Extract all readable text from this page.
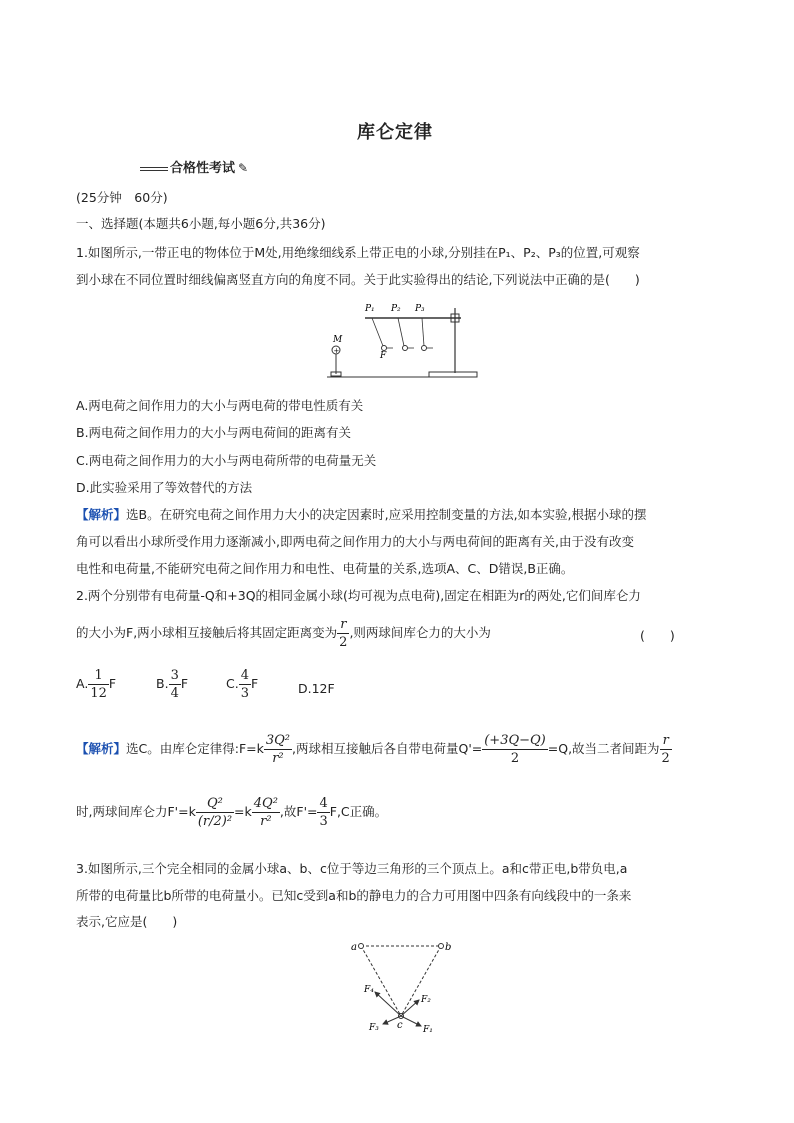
库仑定律
合格性考试 ✎
(25分钟　60分)
一、选择题(本题共6小题,每小题6分,共36分)
1.如图所示,一带正电的物体位于M处,用绝缘细线系上带正电的小球,分别挂在P₁、P₂、P₃的位置,可观察
到小球在不同位置时细线偏离竖直方向的角度不同。关于此实验得出的结论,下列说法中正确的是(　　)
P₁ P₂ P₃
F
+
M
A.两电荷之间作用力的大小与两电荷的带电性质有关
B.两电荷之间作用力的大小与两电荷间的距离有关
C.两电荷之间作用力的大小与两电荷所带的电荷量无关
D.此实验采用了等效替代的方法
【解析】选B。在研究电荷之间作用力大小的决定因素时,应采用控制变量的方法,如本实验,根据小球的摆
角可以看出小球所受作用力逐渐减小,即两电荷之间作用力的大小与两电荷间的距离有关,由于没有改变
电性和电荷量,不能研究电荷之间作用力和电性、电荷量的关系,选项A、C、D错误,B正确。
2.两个分别带有电荷量-Q和+3Q的相同金属小球(均可视为点电荷),固定在相距为r的两处,它们间库仑力
的大小为F,两小球相互接触后将其固定距离变为 $\frac{r}{2}$ ,则两球间库仑力的大小为	(　　)
A. $\frac{1}{12}$ F	B. $\frac{3}{4}$ F	C. $\frac{4}{3}$ F	D.12F
【解析】选C。由库仑定律得:F=k $\frac{\text{3Q²}}{\text{r²}}$ ,两球相互接触后各自带电荷量$Q'= \frac{(+3Q-Q)}{2} =Q$,故当二者间距为 $\frac{r}{2}$
时,两球间库仑力$F'=k \frac{\text{Q²}}{\text{(r/2)²}} =k \frac{\text{4Q²}}{\text{r²}}$ ,故$F'= \frac{4}{3} F,C$正确。
3.如图所示,三个完全相同的金属小球a、b、c位于等边三角形的三个顶点上。a和c带正电,b带负电,a
所带的电荷量比b所带的电荷量小。已知c受到a和b的静电力的合力可用图中四条有向线段中的一条来
表示,它应是(　　)
a	b
c
F₄
F₂
F₃	F₁
